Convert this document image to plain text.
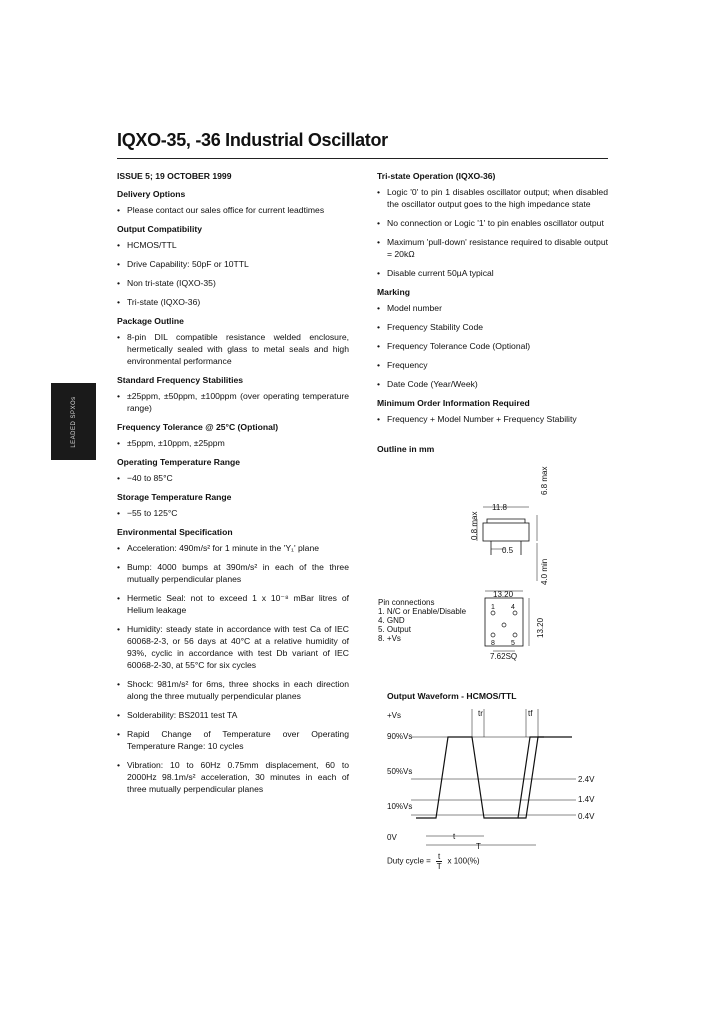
IQXO-35, -36 Industrial Oscillator
LEADED SPXOs
ISSUE 5; 19 OCTOBER 1999
Delivery Options
• Please contact our sales office for current leadtimes
Output Compatibility
• HCMOS/TTL
• Drive Capability: 50pF or 10TTL
• Non tri-state (IQXO-35)
• Tri-state (IQXO-36)
Package Outline
• 8-pin DIL compatible resistance welded enclosure, hermetically sealed with glass to metal seals and high environmental performance
Standard Frequency Stabilities
• ±25ppm, ±50ppm, ±100ppm (over operating temperature range)
Frequency Tolerance @ 25°C (Optional)
• ±5ppm, ±10ppm, ±25ppm
Operating Temperature Range
• −40 to 85°C
Storage Temperature Range
• −55 to 125°C
Environmental Specification
• Acceleration: 490m/s² for 1 minute in the 'Y₁' plane
• Bump: 4000 bumps at 390m/s² in each of the three mutually perpendicular planes
• Hermetic Seal: not to exceed 1 x 10⁻⁸ mBar litres of Helium leakage
• Humidity: steady state in accordance with test Ca of IEC 60068-2-3, or 56 days at 40°C at a relative humidity of 93%, cyclic in accordance with test Db variant of IEC 60068-2-30, at 55°C for six cycles
• Shock: 981m/s² for 6ms, three shocks in each direction along the three mutually perpendicular planes
• Solderability: BS2011 test TA
• Rapid Change of Temperature over Operating Temperature Range: 10 cycles
• Vibration: 10 to 60Hz 0.75mm displacement, 60 to 2000Hz 98.1m/s² acceleration, 30 minutes in each of three mutually perpendicular planes
Tri-state Operation (IQXO-36)
• Logic '0' to pin 1 disables oscillator output; when disabled the oscillator output goes to the high impedance state
• No connection or Logic '1' to pin enables oscillator output
• Maximum 'pull-down' resistance required to disable output = 20kΩ
• Disable current 50µA typical
Marking
• Model number
• Frequency Stability Code
• Frequency Tolerance Code (Optional)
• Frequency
• Date Code (Year/Week)
Minimum Order Information Required
• Frequency + Model Number + Frequency Stability
Outline in mm
11.8
6.8 max
0.8 max
0.5
4.0 min
13.20
13.20
7.62SQ
1 4
8 5
Pin connections
1. N/C or Enable/Disable
4. GND
5. Output
8. +Vs
Output Waveform - HCMOS/TTL
+Vs
90%Vs
50%Vs
10%Vs
0V
2.4V
1.4V
0.4V
tr	tf
t
T
Duty cycle = $\frac{t}{T}$ x 100(%)
